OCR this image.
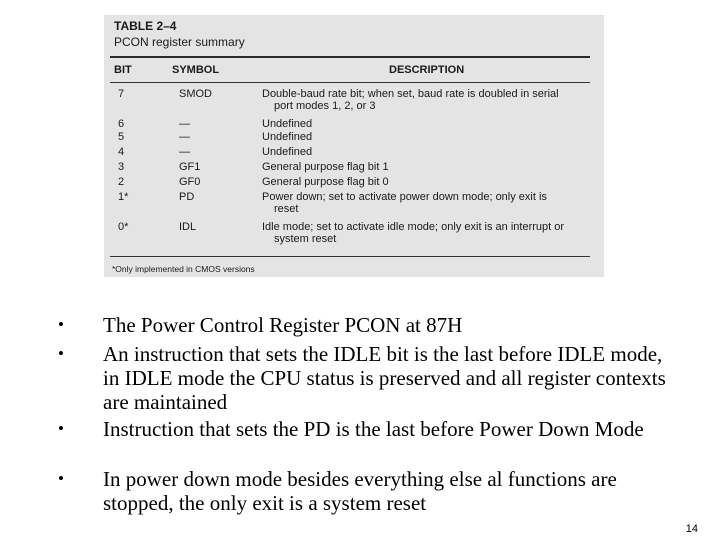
TABLE 2–4
PCON register summary
BIT	SYMBOL	DESCRIPTION
7	SMOD	Double-baud rate bit; when set, baud rate is doubled in serial
port modes 1, 2, or 3
6	—	Undefined
5	—	Undefined
4	—	Undefined
3	GF1	General purpose flag bit 1
2	GF0	General purpose flag bit 0
1*	PD	Power down; set to activate power down mode; only exit is
reset
0*	IDL	Idle mode; set to activate idle mode; only exit is an interrupt or
system reset
*Only implemented in CMOS versions
• The Power Control Register PCON at 87H
• An instruction that sets the IDLE bit is the last before IDLE mode, in IDLE mode the CPU status is preserved and all register contexts are maintained
• Instruction that sets the PD is the last before Power Down Mode
• In power down mode besides everything else al functions are stopped, the only exit is a system reset
14
